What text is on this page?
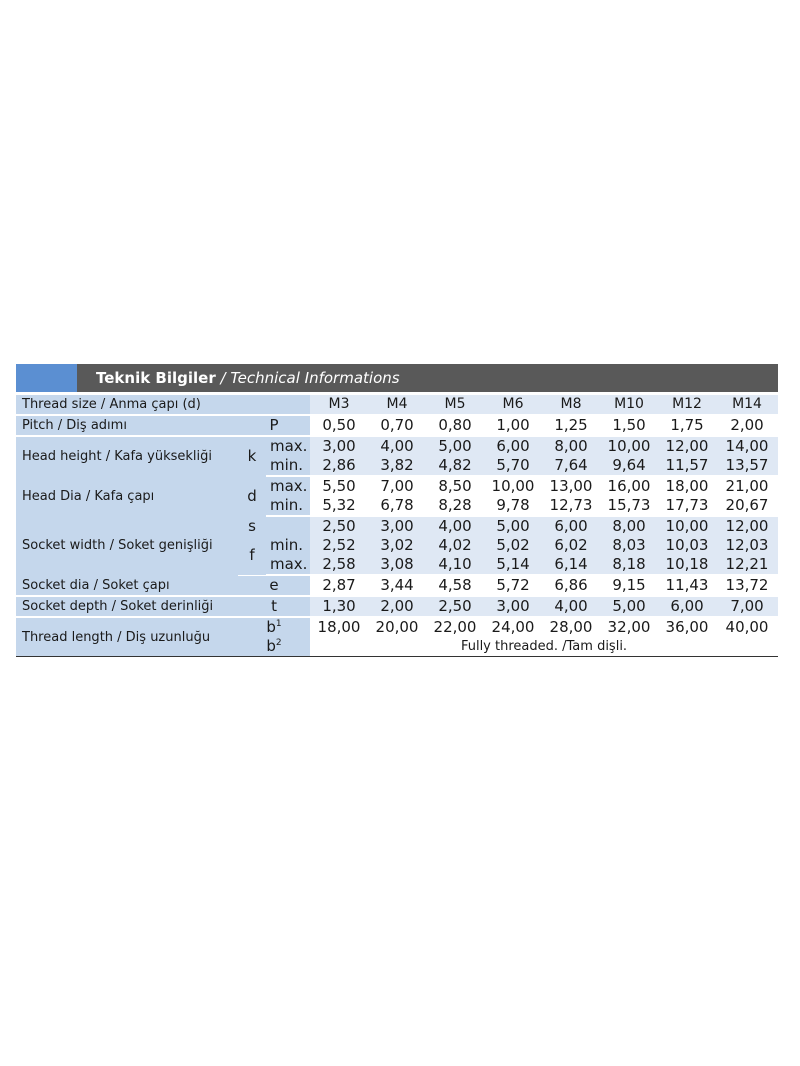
Teknik Bilgiler / Technical Informations
Thread size / Anma çapı (d)			M3	M4	M5	M6	M8	M10	M12	M14
Pitch / Diş adımı	P		0,50	0,70	0,80	1,00	1,25	1,50	1,75	2,00
Head height / Kafa yüksekliği	k	max.	3,00	4,00	5,00	6,00	8,00	10,00	12,00	14,00
		min.	2,86	3,82	4,82	5,70	7,64	9,64	11,57	13,57
Head Dia / Kafa çapı	d	max.	5,50	7,00	8,50	10,00	13,00	16,00	18,00	21,00
		min.	5,32	6,78	8,28	9,78	12,73	15,73	17,73	20,67
Socket width / Soket genişliği	s		2,50	3,00	4,00	5,00	6,00	8,00	10,00	12,00
	f	min.	2,52	3,02	4,02	5,02	6,02	8,03	10,03	12,03
		max.	2,58	3,08	4,10	5,14	6,14	8,18	10,18	12,21
Socket dia / Soket çapı	e		2,87	3,44	4,58	5,72	6,86	9,15	11,43	13,72
Socket depth / Soket derinliği	t		1,30	2,00	2,50	3,00	4,00	5,00	6,00	7,00
Thread length / Diş uzunluğu	$b^1$		18,00	20,00	22,00	24,00	28,00	32,00	36,00	40,00
	$b^2$		Fully threaded. /Tam dişli.							
